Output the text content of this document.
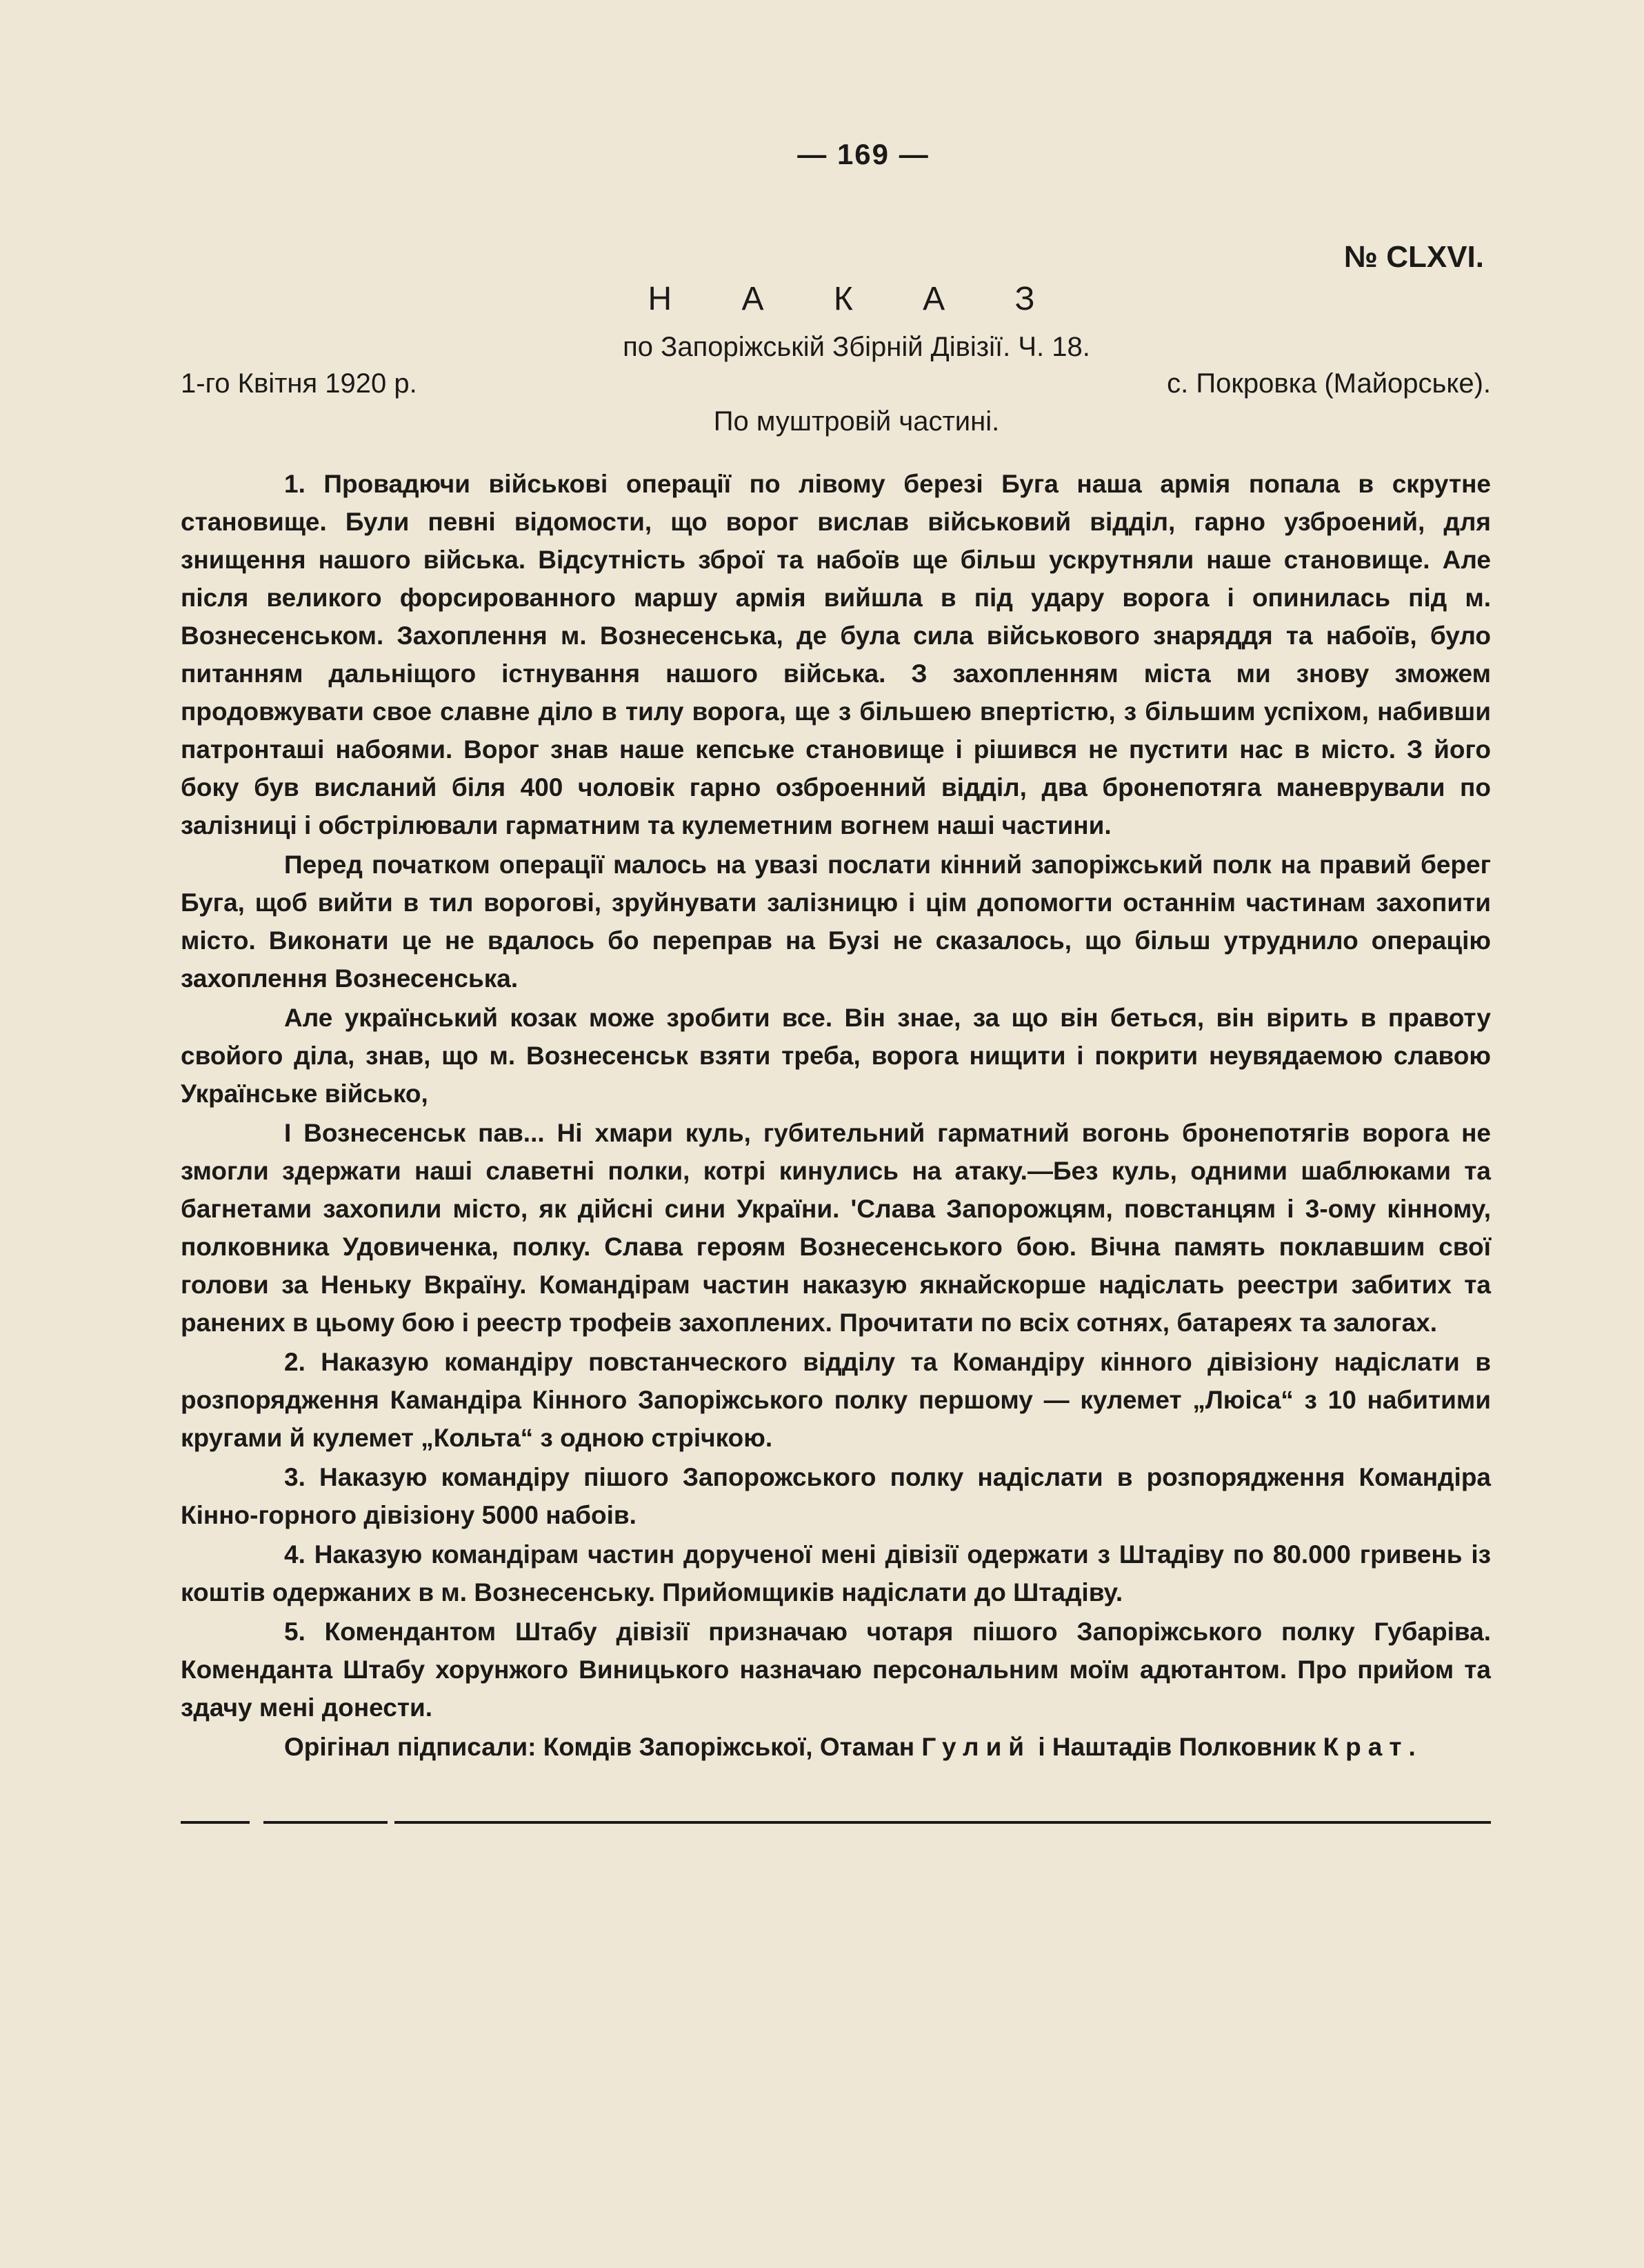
— 169 —
№ CLXVI.
Н А К А З
по Запоріжській Збірній Дівізії. Ч. 18.
1-го Квітня 1920 р.	с. Покровка (Майорське).
По муштровій частині.

1. Провадючи військові операції по лівому березі Буга наша армія попала в скрутне становище. Були певні відомости, що ворог вислав військовий відділ, гарно узброений, для знищення нашого війська. Відсутність зброї та набоїв ще більш ускрутняли наше становище. Але після великого форсированного маршу армія вийшла в під удару ворога і опинилась під м. Вознесенськом. Захоплення м. Вознесенська, де була сила військового знаряддя та набоїв, було питанням дальніщого істнування нашого війська. З захопленням міста ми знову зможем продовжувати свое славне діло в тилу ворога, ще з більшею впертістю, з більшим успіхом, набивши патронташі набоями. Ворог знав наше кепське становище і рішився не пустити нас в місто. З його боку був висланий біля 400 чоловік гарно озброенний відділ, два бронепотяга маневрували по залізниці і обстрілювали гарматним та кулеметним вогнем наші частини.

Перед початком операції малось на увазі послати кінний запоріжський полк на правий берег Буга, щоб вийти в тил ворогові, зруйнувати залізницю і цім допомогти останнім частинам захопити місто. Виконати це не вдалось бо переправ на Бузі не сказалось, що більш утруднило операцію захоплення Вознесенська.

Але український козак може зробити все. Він знае, за що він беться, він вірить в правоту свойого діла, знав, що м. Вознесенськ взяти треба, ворога нищити і покрити неувядаемою славою Українське військо,

І Вознесенськ пав... Ні хмари куль, губительний гарматний вогонь бронепотягів ворога не змогли здержати наші славетні полки, котрі кинулись на атаку.—Без куль, одними шаблюками та багнетами захопили місто, як дійсні сини України. 'Слава Запорожцям, повстанцям і 3-ому кінному, полковника Удовиченка, полку. Слава героям Вознесенського бою. Вічна память поклавшим свої голови за Неньку Вкраїну. Командірам частин наказую якнайскорше надіслать реестри забитих та ранених в цьому бою і реестр трофеів захоплених. Прочитати по всіх сотнях, батареях та залогах.

2. Наказую командіру повстанческого відділу та Командіру кінного дівізіону надіслати в розпорядження Камандіра Кінного Запоріжського полку першому — кулемет „Люіса“ з 10 набитими кругами й кулемет „Кольта“ з одною стрічкою.

3. Наказую командіру пішого Запорожського полку надіслати в розпорядження Командіра Кінно-горного дівізіону 5000 набоів.

4. Наказую командірам частин дорученої мені дівізії одержати з Штадіву по 80.000 гривень із коштів одержаних в м. Вознесенську. Прийомщиків надіслати до Штадіву.

5. Комендантом Штабу дівізії призначаю чотаря пішого Запоріжського полку Губаріва. Коменданта Штабу хорунжого Виницького назначаю персональним моїм адютантом. Про прийом та здачу мені донести.

Орігінал підписали: Комдів Запоріжської, Отаман Гулий і Наштадів Полковник Крат.
